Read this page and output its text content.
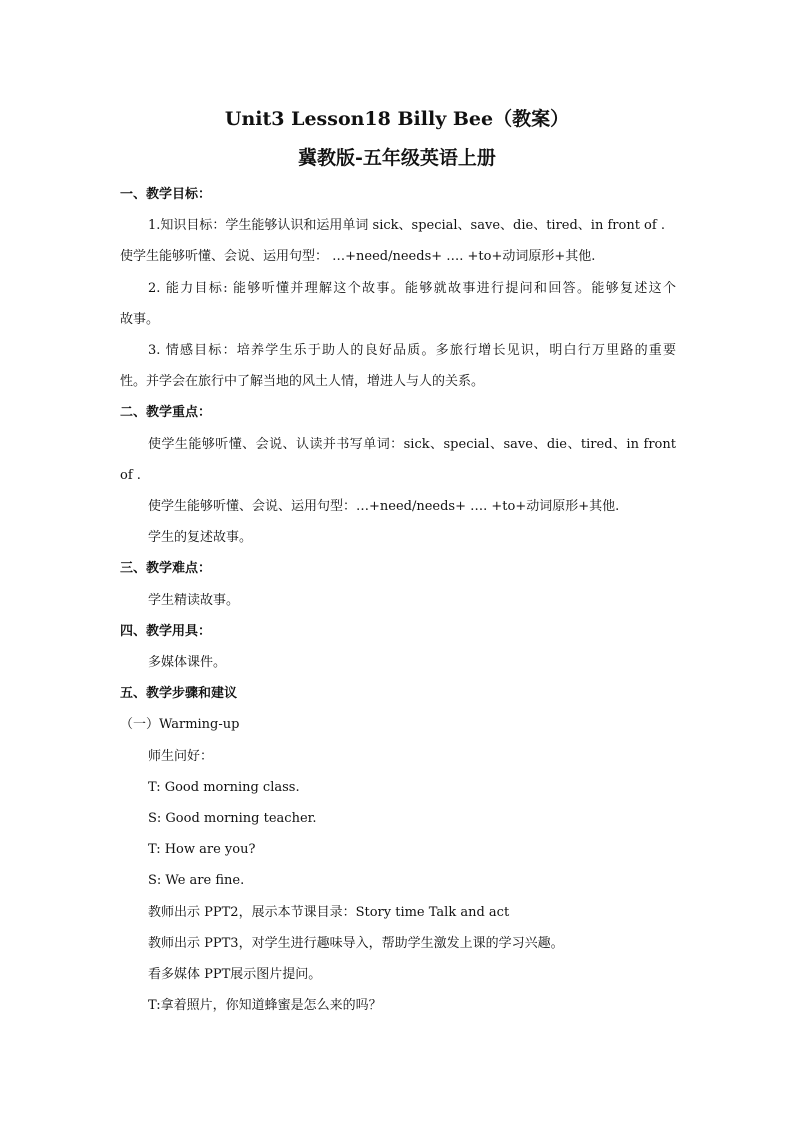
Unit3 Lesson18 Billy Bee（教案）
冀教版-五年级英语上册
一、教学目标：
1.知识目标：学生能够认识和运用单词 sick、special、save、die、tired、in front of .
使学生能够听懂、会说、运用句型： …+need/needs+ …. +to+动词原形+其他.
2. 能力目标: 能够听懂并理解这个故事。能够就故事进行提问和回答。能够复述这个
故事。
3. 情感目标：培养学生乐于助人的良好品质。多旅行增长见识，明白行万里路的重要
性。并学会在旅行中了解当地的风土人情，增进人与人的关系。
二、教学重点：
使学生能够听懂、会说、认读并书写单词：sick、special、save、die、tired、in front
of .
使学生能够听懂、会说、运用句型：…+need/needs+ …. +to+动词原形+其他.
学生的复述故事。
三、教学难点：
学生精读故事。
四、教学用具：
多媒体课件。
五、教学步骤和建议
（一）Warming-up
师生问好：
T: Good morning class.
S: Good morning teacher.
T: How are you?
S: We are fine.
教师出示 PPT2，展示本节课目录：Story time Talk and act
教师出示 PPT3，对学生进行趣味导入，帮助学生激发上课的学习兴趣。
看多媒体 PPT展示图片提问。
T:拿着照片，你知道蜂蜜是怎么来的吗？
